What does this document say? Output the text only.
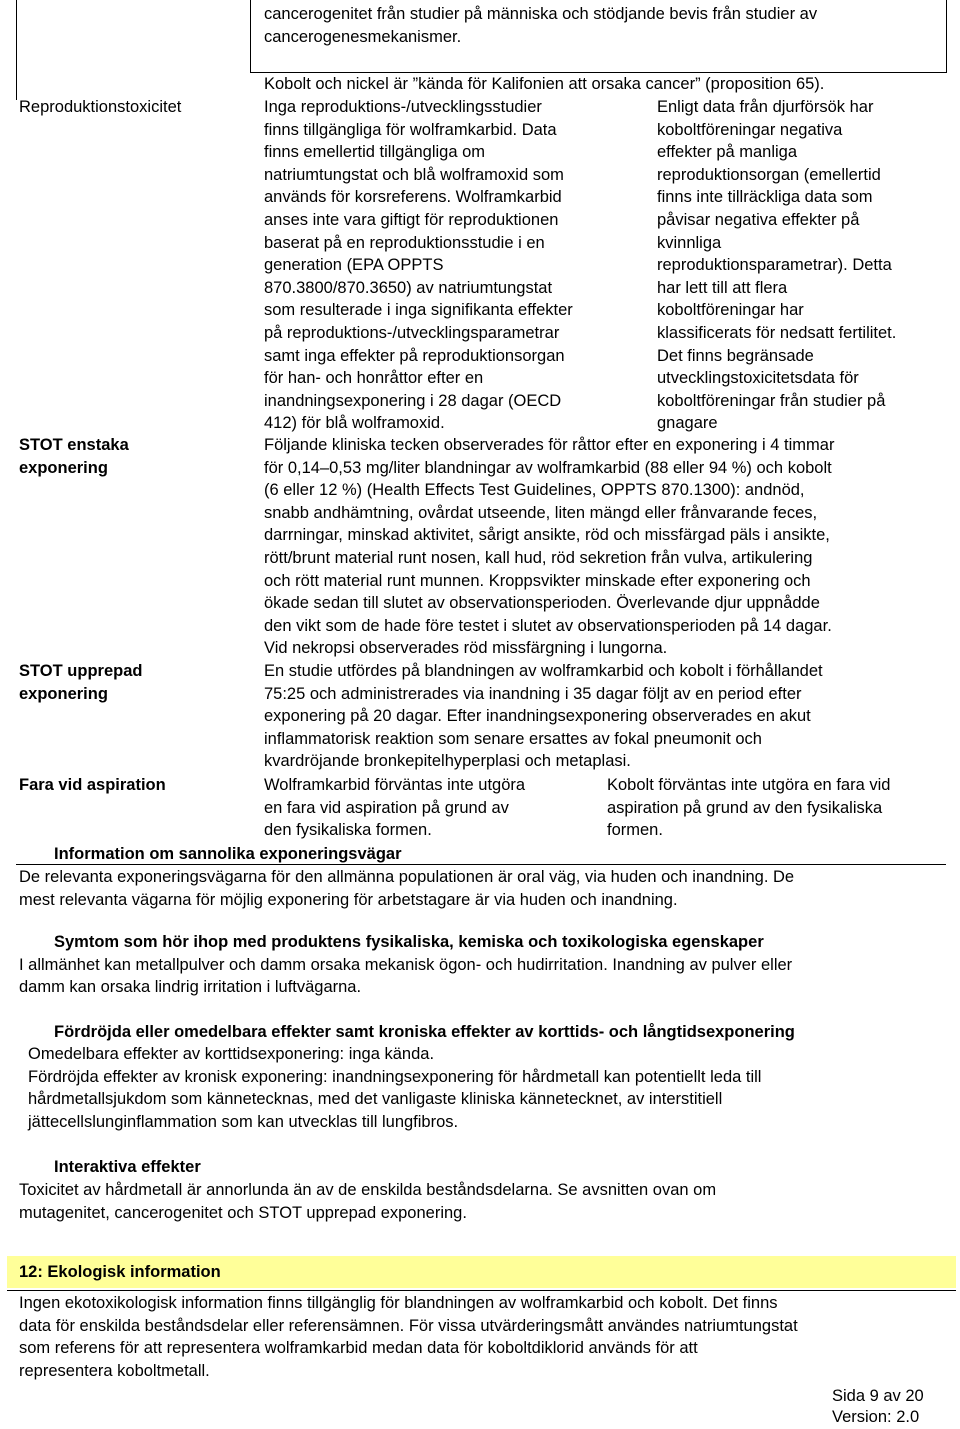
cancerogenitet från studier på människa och stödjande bevis från studier av
cancerogenesmekanismer.
Kobolt och nickel är ”kända för Kalifonien att orsaka cancer” (proposition 65).
Reproduktionstoxicitet	Inga reproduktions-/utvecklingsstudier
finns tillgängliga för wolframkarbid. Data
finns emellertid tillgängliga om
natriumtungstat och blå wolframoxid som
används för korsreferens. Wolframkarbid
anses inte vara giftigt för reproduktionen
baserat på en reproduktionsstudie i en
generation (EPA OPPTS
870.3800/870.3650) av natriumtungstat
som resulterade i inga signifikanta effekter
på reproduktions-/utvecklingsparametrar
samt inga effekter på reproduktionsorgan
för han- och honråttor efter en
inandningsexponering i 28 dagar (OECD
412) för blå wolframoxid.
Enligt data från djurförsök har
koboltföreningar negativa
effekter på manliga
reproduktionsorgan (emellertid
finns inte tillräckliga data som
påvisar negativa effekter på
kvinnliga
reproduktionsparametrar). Detta
har lett till att flera
koboltföreningar har
klassificerats för nedsatt fertilitet.
Det finns begränsade
utvecklingstoxicitetsdata för
koboltföreningar från studier på
gnagare
STOT enstaka
exponering
Följande kliniska tecken observerades för råttor efter en exponering i 4 timmar
för 0,14–0,53 mg/liter blandningar av wolframkarbid (88 eller 94 %) och kobolt
(6 eller 12 %) (Health Effects Test Guidelines, OPPTS 870.1300): andnöd,
snabb andhämtning, ovårdat utseende, liten mängd eller frånvarande feces,
darrningar, minskad aktivitet, sårigt ansikte, röd och missfärgad päls i ansikte,
rött/brunt material runt nosen, kall hud, röd sekretion från vulva, artikulering
och rött material runt munnen. Kroppsvikter minskade efter exponering och
ökade sedan till slutet av observationsperioden. Överlevande djur uppnådde
den vikt som de hade före testet i slutet av observationsperioden på 14 dagar.
Vid nekropsi observerades röd missfärgning i lungorna.
STOT upprepad
exponering
En studie utfördes på blandningen av wolframkarbid och kobolt i förhållandet
75:25 och administrerades via inandning i 35 dagar följt av en period efter
exponering på 20 dagar. Efter inandningsexponering observerades en akut
inflammatorisk reaktion som senare ersattes av fokal pneumonit och
kvardröjande bronkepitelhyperplasi och metaplasi.
Fara vid aspiration	Wolframkarbid förväntas inte utgöra
en fara vid aspiration på grund av
den fysikaliska formen.
Kobolt förväntas inte utgöra en fara vid
aspiration på grund av den fysikaliska
formen.
Information om sannolika exponeringsvägar
De relevanta exponeringsvägarna för den allmänna populationen är oral väg, via huden och inandning. De
mest relevanta vägarna för möjlig exponering för arbetstagare är via huden och inandning.
Symtom som hör ihop med produktens fysikaliska, kemiska och toxikologiska egenskaper
I allmänhet kan metallpulver och damm orsaka mekanisk ögon- och hudirritation. Inandning av pulver eller
damm kan orsaka lindrig irritation i luftvägarna.
Fördröjda eller omedelbara effekter samt kroniska effekter av korttids- och långtidsexponering
Omedelbara effekter av korttidsexponering: inga kända.
Fördröjda effekter av kronisk exponering: inandningsexponering för hårdmetall kan potentiellt leda till
hårdmetallsjukdom som kännetecknas, med det vanligaste kliniska kännetecknet, av interstitiell
jättecellslunginflammation som kan utvecklas till lungfibros.
Interaktiva effekter
Toxicitet av hårdmetall är annorlunda än av de enskilda beståndsdelarna. Se avsnitten ovan om
mutagenitet, cancerogenitet och STOT upprepad exponering.
12: Ekologisk information
Ingen ekotoxikologisk information finns tillgänglig för blandningen av wolframkarbid och kobolt. Det finns
data för enskilda beståndsdelar eller referensämnen. För vissa utvärderingsmått användes natriumtungstat
som referens för att representera wolframkarbid medan data för koboltdiklorid används för att
representera koboltmetall.
Sida 9 av 20
Version: 2.0
